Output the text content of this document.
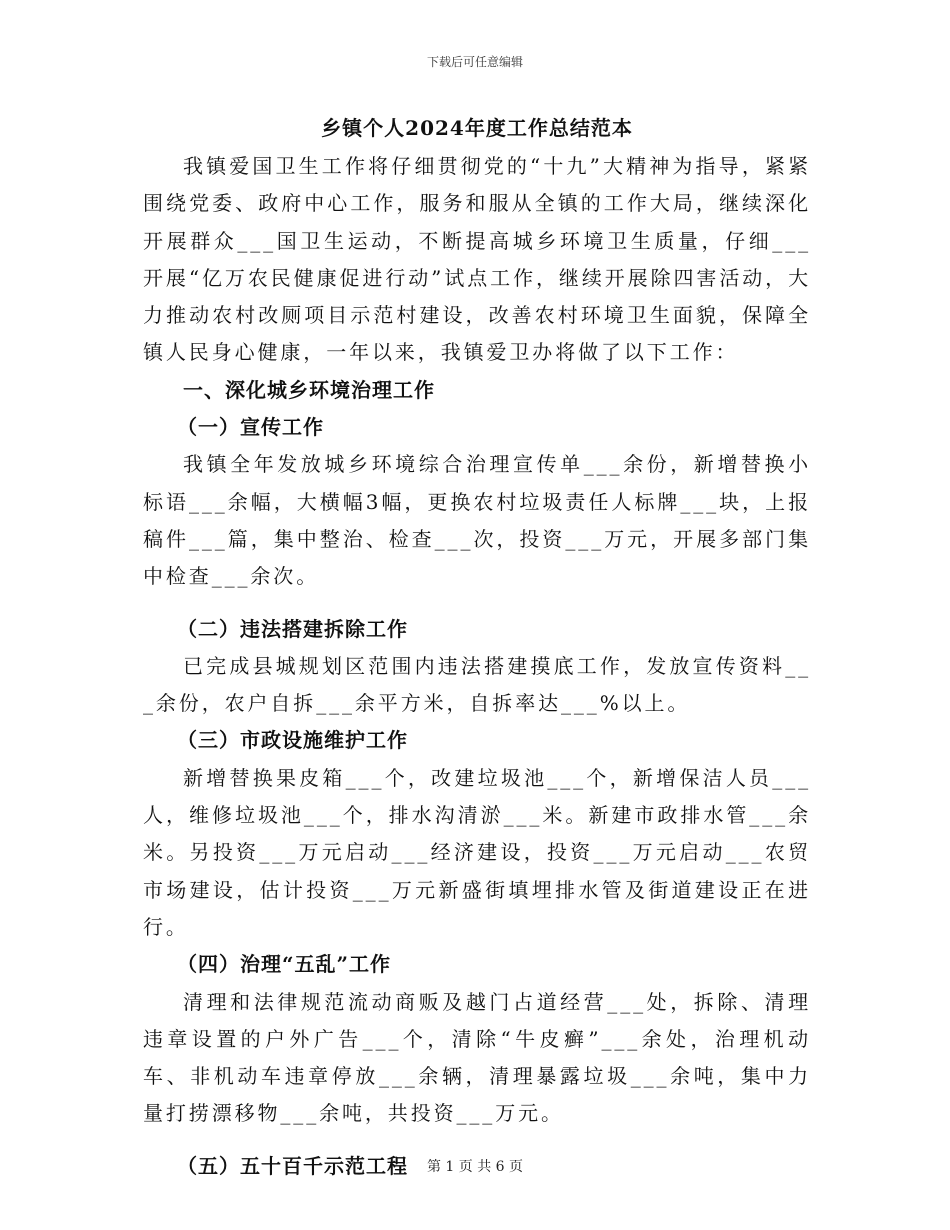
下载后可任意编辑
乡镇个人2024年度工作总结范本

我镇爱国卫生工作将仔细贯彻党的“十九”大精神为指导，紧紧围绕党委、政府中心工作，服务和服从全镇的工作大局，继续深化开展群众___国卫生运动，不断提高城乡环境卫生质量，仔细___开展“亿万农民健康促进行动”试点工作，继续开展除四害活动，大力推动农村改厕项目示范村建设，改善农村环境卫生面貌，保障全镇人民身心健康，一年以来，我镇爱卫办将做了以下工作：

一、深化城乡环境治理工作
（一）宣传工作

我镇全年发放城乡环境综合治理宣传单___余份，新增替换小标语___余幅，大横幅3幅，更换农村垃圾责任人标牌___块，上报稿件___篇，集中整治、检查___次，投资___万元，开展多部门集中检查___余次。

（二）违法搭建拆除工作

已完成县城规划区范围内违法搭建摸底工作，发放宣传资料___余份，农户自拆___余平方米，自拆率达___%以上。

（三）市政设施维护工作

新增替换果皮箱___个，改建垃圾池___个，新增保洁人员___人，维修垃圾池___个，排水沟清淤___米。新建市政排水管___余米。另投资___万元启动___经济建设，投资___万元启动___农贸市场建设，估计投资___万元新盛街填埋排水管及街道建设正在进行。

（四）治理“五乱”工作

清理和法律规范流动商贩及越门占道经营___处，拆除、清理违章设置的户外广告___个，清除“牛皮癣”___余处，治理机动车、非机动车违章停放___余辆，清理暴露垃圾___余吨，集中力量打捞漂移物___余吨，共投资___万元。

（五）五十百千示范工程	第 1 页 共 6 页
